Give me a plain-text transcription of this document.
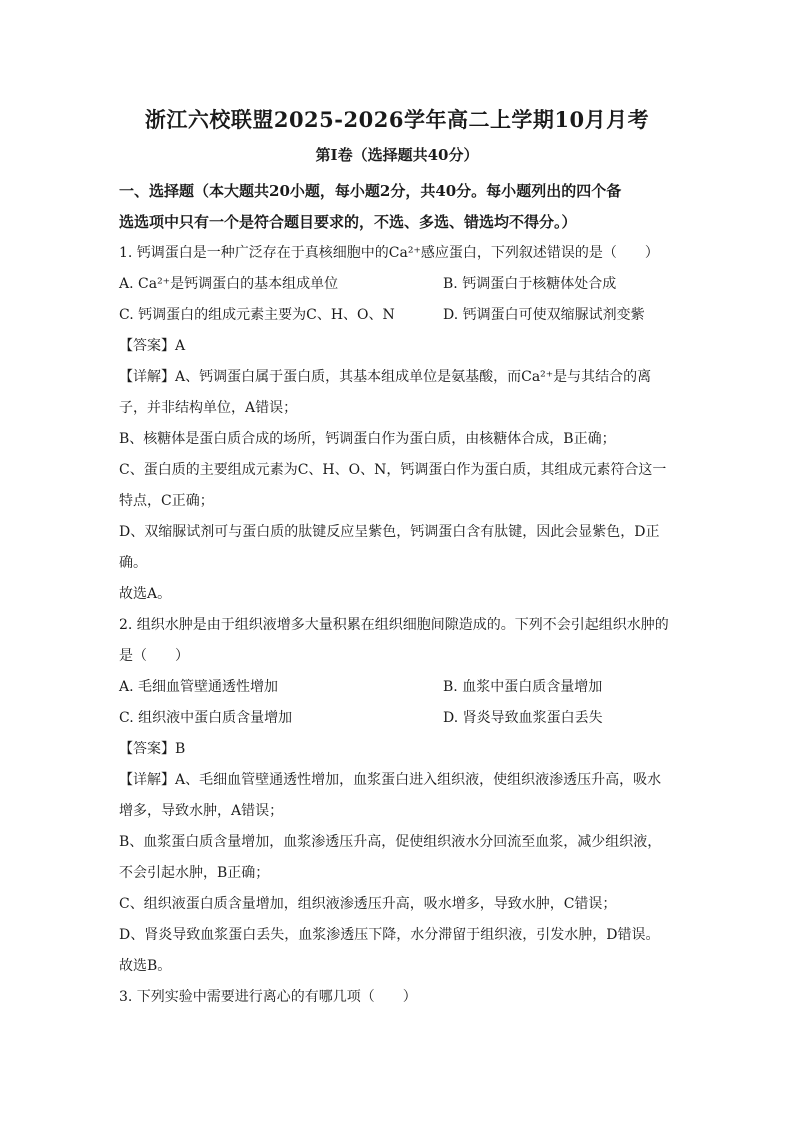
浙江六校联盟2025-2026学年高二上学期10月月考
第Ⅰ卷（选择题共40分）
一、选择题（本大题共20小题，每小题2分，共40分。每小题列出的四个备
选选项中只有一个是符合题目要求的，不选、多选、错选均不得分。）
1. 钙调蛋白是一种广泛存在于真核细胞中的Ca²⁺感应蛋白，下列叙述错误的是（　　）
A. Ca²⁺是钙调蛋白的基本组成单位	B. 钙调蛋白于核糖体处合成
C. 钙调蛋白的组成元素主要为C、H、O、N	D. 钙调蛋白可使双缩脲试剂变紫
【答案】A
【详解】A、钙调蛋白属于蛋白质，其基本组成单位是氨基酸，而Ca²⁺是与其结合的离
子，并非结构单位，A错误；
B、核糖体是蛋白质合成的场所，钙调蛋白作为蛋白质，由核糖体合成，B正确；
C、蛋白质的主要组成元素为C、H、O、N，钙调蛋白作为蛋白质，其组成元素符合这一
特点，C正确；
D、双缩脲试剂可与蛋白质的肽键反应呈紫色，钙调蛋白含有肽键，因此会显紫色，D正
确。
故选A。
2. 组织水肿是由于组织液增多大量积累在组织细胞间隙造成的。下列不会引起组织水肿的
是（　　）
A. 毛细血管壁通透性增加	B. 血浆中蛋白质含量增加
C. 组织液中蛋白质含量增加	D. 肾炎导致血浆蛋白丢失
【答案】B
【详解】A、毛细血管壁通透性增加，血浆蛋白进入组织液，使组织液渗透压升高，吸水
增多，导致水肿，A错误；
B、血浆蛋白质含量增加，血浆渗透压升高，促使组织液水分回流至血浆，减少组织液，
不会引起水肿，B正确；
C、组织液蛋白质含量增加，组织液渗透压升高，吸水增多，导致水肿，C错误；
D、肾炎导致血浆蛋白丢失，血浆渗透压下降，水分滞留于组织液，引发水肿，D错误。
故选B。
3. 下列实验中需要进行离心的有哪几项（　　）
